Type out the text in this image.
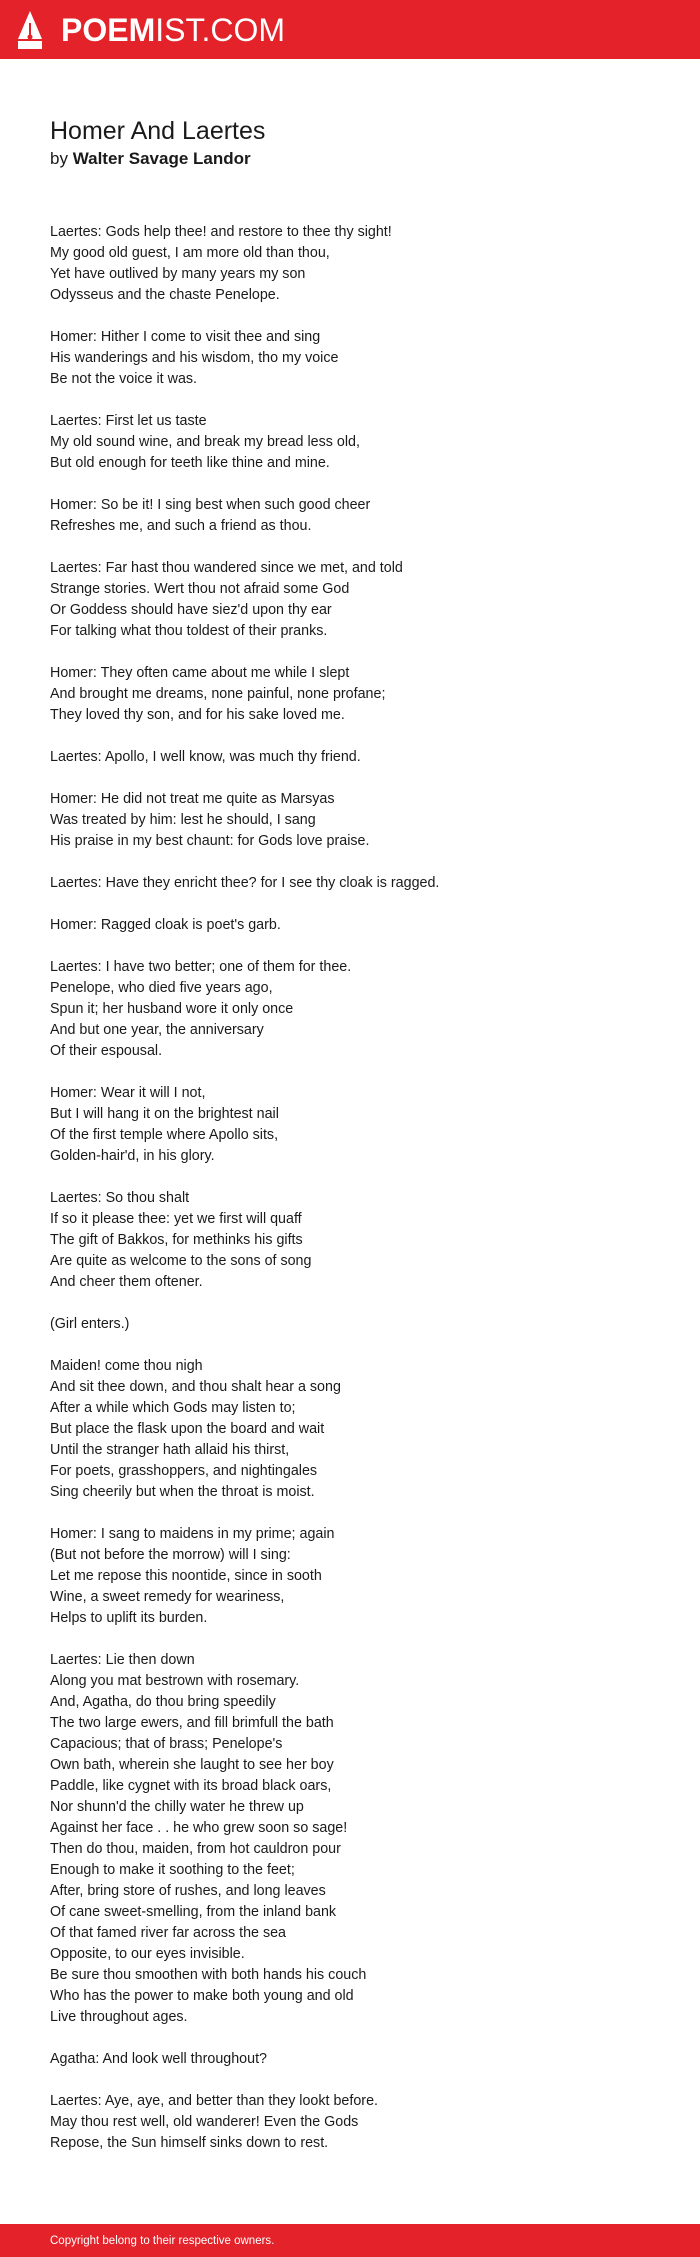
POEMIST.COM
Homer And Laertes

by Walter Savage Landor

Laertes: Gods help thee! and restore to thee thy sight!
My good old guest, I am more old than thou,
Yet have outlived by many years my son
Odysseus and the chaste Penelope.

Homer: Hither I come to visit thee and sing
His wanderings and his wisdom, tho my voice
Be not the voice it was.

Laertes: First let us taste
My old sound wine, and break my bread less old,
But old enough for teeth like thine and mine.

Homer: So be it! I sing best when such good cheer
Refreshes me, and such a friend as thou.

Laertes: Far hast thou wandered since we met, and told
Strange stories. Wert thou not afraid some God
Or Goddess should have siez'd upon thy ear
For talking what thou toldest of their pranks.

Homer: They often came about me while I slept
And brought me dreams, none painful, none profane;
They loved thy son, and for his sake loved me.

Laertes: Apollo, I well know, was much thy friend.

Homer: He did not treat me quite as Marsyas
Was treated by him: lest he should, I sang
His praise in my best chaunt: for Gods love praise.

Laertes: Have they enricht thee? for I see thy cloak is ragged.

Homer: Ragged cloak is poet's garb.

Laertes: I have two better; one of them for thee.
Penelope, who died five years ago,
Spun it; her husband wore it only once
And but one year, the anniversary
Of their espousal.

Homer: Wear it will I not,
But I will hang it on the brightest nail
Of the first temple where Apollo sits,
Golden-hair'd, in his glory.

Laertes: So thou shalt
If so it please thee: yet we first will quaff
The gift of Bakkos, for methinks his gifts
Are quite as welcome to the sons of song
And cheer them oftener.

(Girl enters.)

Maiden! come thou nigh
And sit thee down, and thou shalt hear a song
After a while which Gods may listen to;
But place the flask upon the board and wait
Until the stranger hath allaid his thirst,
For poets, grasshoppers, and nightingales
Sing cheerily but when the throat is moist.

Homer: I sang to maidens in my prime; again
(But not before the morrow) will I sing:
Let me repose this noontide, since in sooth
Wine, a sweet remedy for weariness,
Helps to uplift its burden.

Laertes: Lie then down
Along you mat bestrown with rosemary.
And, Agatha, do thou bring speedily
The two large ewers, and fill brimfull the bath
Capacious; that of brass; Penelope's
Own bath, wherein she laught to see her boy
Paddle, like cygnet with its broad black oars,
Nor shunn'd the chilly water he threw up
Against her face . . he who grew soon so sage!
Then do thou, maiden, from hot cauldron pour
Enough to make it soothing to the feet;
After, bring store of rushes, and long leaves
Of cane sweet-smelling, from the inland bank
Of that famed river far across the sea
Opposite, to our eyes invisible.
Be sure thou smoothen with both hands his couch
Who has the power to make both young and old
Live throughout ages.

Agatha: And look well throughout?

Laertes: Aye, aye, and better than they lookt before.
May thou rest well, old wanderer! Even the Gods
Repose, the Sun himself sinks down to rest.

Copyright belong to their respective owners.
